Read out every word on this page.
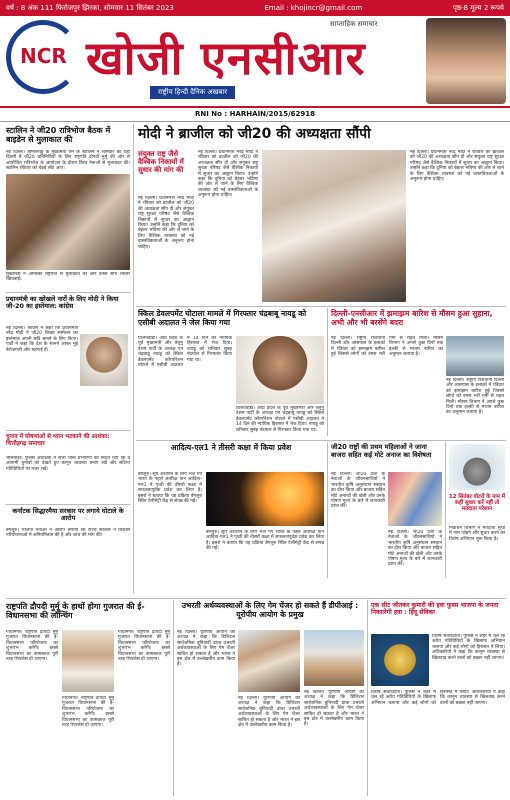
वर्ष : 8 अंक 111 फिरोजपुर झिरका, सोमवार 11 सितंबर 2023	Email : khojincr@gmail.com	पृष्ठ-8 मूल्य 2 रूपये
NCR खोजी एनसीआर
साप्ताहिक समाचार
राष्ट्रीय हिन्दी दैनिक अखबार
RNI No : HARHAIN/2015/62918
स्टालिन ने जी20 रात्रिभोज बैठक में बाइडेन से मुलाकात की
नई दिल्ली। तमिलनाडु के मुख्यमंत्री एम के स्टालिन ने शनिवार को यहां दिल्ली में जी20 प्रतिनिधियों के लिए राष्ट्रपति द्रौपदी मुर्मू की ओर से आयोजित रात्रिभोज के आयोजन के दौरान विश्व नेताओं से मुलाकात की। स्टालिन रविवार को चेन्नई लौट आए।
मुख्यमंत्री ने अमेरिकी राष्ट्रपति से मुलाकात की और उनके साथ तस्वीरें खिंचवाईं।
प्रधानमंत्री का खोखले नारों के लिए मोदी ने किया जी-20 का इस्तेमाल: कांग्रेस
नई दिल्ली। कांग्रेस ने कहा कि प्रधानमंत्री नरेंद्र मोदी ने जी20 शिखर सम्मेलन का इस्तेमाल अपनी छवि बनाने के लिए किया। पार्टी ने कहा कि देश के सामने असल मुद्दे बेरोजगारी और महंगाई हैं।
चुनाव में घोषणाओं से ध्यान भटकाने की आशंका: चित्तौड़गढ़ समाचार
भीलवाड़ा। पुलिस अधीक्षक ने सभी थाना प्रभारियों को निर्देश दिए कि वे आगामी चुनावों को देखते हुए कानून व्यवस्था बनाए रखें और संदिग्ध गतिविधियों पर नजर रखें।
कर्नाटक सिद्धारमैया सरकार पर लगाये घोटाले के आरोप
बेंगलुरु। भाजपा नेताओं ने आरोप लगाया कि राज्य सरकार ने विकास परियोजनाओं में अनियमितता की है और जांच की मांग की।
मोदी ने ब्राजील को जी20 की अध्यक्षता सौंपी
संयुक्त राष्ट्र जैसे वैश्विक निकायों में सुधार की मांग की
नई दिल्ली। प्रधानमंत्री नरेंद्र मोदी ने रविवार को ब्राजील को जी20 की अध्यक्षता सौंप दी और संयुक्त राष्ट्र सुरक्षा परिषद जैसे वैश्विक निकायों में सुधार का आह्वान किया। उन्होंने कहा कि दुनिया को बेहतर भविष्य की ओर ले जाने के लिए वैश्विक व्यवस्था को नई वास्तविकताओं के अनुरूप होना चाहिए।
नई दिल्ली। प्रधानमंत्री नरेंद्र मोदी ने रविवार को ब्राजील को जी20 की अध्यक्षता सौंप दी और संयुक्त राष्ट्र सुरक्षा परिषद जैसे वैश्विक निकायों में सुधार का आह्वान किया। उन्होंने कहा कि दुनिया को बेहतर भविष्य की ओर ले जाने के लिए वैश्विक व्यवस्था को नई वास्तविकताओं के अनुरूप होना चाहिए।
नई दिल्ली। प्रधानमंत्री नरेंद्र मोदी ने रविवार को ब्राजील को जी20 की अध्यक्षता सौंप दी और संयुक्त राष्ट्र सुरक्षा परिषद जैसे वैश्विक निकायों में सुधार का आह्वान किया। उन्होंने कहा कि दुनिया को बेहतर भविष्य की ओर ले जाने के लिए वैश्विक व्यवस्था को नई वास्तविकताओं के अनुरूप होना चाहिए।
स्किल डेवलपमेंट घोटाला मामले में गिरफ्तार चंद्रबाबू नायडू को एसीबी अदालत ने जेल किया गया
विजयवाड़ा। आंध्र प्रदेश के पूर्व मुख्यमंत्री और तेलुगु देशम पार्टी के अध्यक्ष एन चंद्रबाबू नायडू को स्किल डेवलपमेंट कॉरपोरेशन घोटाले में एसीबी अदालत ने 14 दिन की न्यायिक हिरासत में भेज दिया। नायडू को शनिवार सुबह नंदयाल से गिरफ्तार किया गया था।
विजयवाड़ा। आंध्र प्रदेश के पूर्व मुख्यमंत्री और तेलुगु देशम पार्टी के अध्यक्ष एन चंद्रबाबू नायडू को स्किल डेवलपमेंट कॉरपोरेशन घोटाले में एसीबी अदालत ने 14 दिन की न्यायिक हिरासत में भेज दिया। नायडू को शनिवार सुबह नंदयाल से गिरफ्तार किया गया था।
दिल्ली-एनसीआर में झमाझम बारिश से मौसम हुआ सुहाना, अभी और भी बरसेंगे बदरा
नई दिल्ली। राष्ट्रीय राजधानी दिल्ली और आसपास के इलाकों में रविवार को झमाझम बारिश हुई जिससे लोगों को उमस भरी गर्मी से राहत मिली। मौसम विभाग ने अगले कुछ दिनों तक हल्की से मध्यम बारिश का अनुमान जताया है।
नई दिल्ली। राष्ट्रीय राजधानी दिल्ली और आसपास के इलाकों में रविवार को झमाझम बारिश हुई जिससे लोगों को उमस भरी गर्मी से राहत मिली। मौसम विभाग ने अगले कुछ दिनों तक हल्की से मध्यम बारिश का अनुमान जताया है।
आदित्य-एल1 ने तीसरी कक्षा में किया प्रवेश
बेंगलुरु। सूर्य अध्ययन के लिए भेजे गए भारत के पहले अंतरिक्ष यान आदित्य-एल1 ने पृथ्वी की तीसरी कक्षा में सफलतापूर्वक प्रवेश कर लिया है। इसरो ने बताया कि यह प्रक्रिया बेंगलुरु स्थित टेलीमेट्री केंद्र से संपन्न की गई।
बेंगलुरु। सूर्य अध्ययन के लिए भेजे गए भारत के पहले अंतरिक्ष यान आदित्य-एल1 ने पृथ्वी की तीसरी कक्षा में सफलतापूर्वक प्रवेश कर लिया है। इसरो ने बताया कि यह प्रक्रिया बेंगलुरु स्थित टेलीमेट्री केंद्र से संपन्न की गई।
जी20 राष्ट्रों की प्रथम महिलाओं ने जाना बाजरा सहित कई मोटे अनाज का विशेषता
नई दिल्ली। जी20 देशों के नेताओं के जीवनसाथियों ने भारतीय कृषि अनुसंधान संस्थान का दौरा किया और बाजरा सहित मोटे अनाजों की खेती और उनके पोषण मूल्य के बारे में जानकारी प्राप्त की।
नई दिल्ली। जी20 देशों के नेताओं के जीवनसाथियों ने भारतीय कृषि अनुसंधान संस्थान का दौरा किया और बाजरा सहित मोटे अनाजों की खेती और उनके पोषण मूल्य के बारे में जानकारी प्राप्त की।
12 सितंबर वोटरों के नाम में कहीं सुधार करें नहीं तो मतदाता परेशान
निर्वाचन विभाग ने मतदाता सूची में नाम जोड़ने और सुधार करने का विशेष अभियान शुरू किया है।
राष्ट्रपति द्रौपदी मुर्मू के हाथों होगा गुजरात की ई-विधानसभा की लॉन्चिंग
गांधीनगर। राष्ट्रपति द्रौपदी मुर्मू गुजरात विधानसभा की ई-विधानसभा परियोजना का शुभारंभ करेंगी। इससे विधानसभा का कामकाज पूरी तरह पेपरलेस हो जाएगा।
गांधीनगर। राष्ट्रपति द्रौपदी मुर्मू गुजरात विधानसभा की ई-विधानसभा परियोजना का शुभारंभ करेंगी। इससे विधानसभा का कामकाज पूरी तरह पेपरलेस हो जाएगा।
गांधीनगर। राष्ट्रपति द्रौपदी मुर्मू गुजरात विधानसभा की ई-विधानसभा परियोजना का शुभारंभ करेंगी। इससे विधानसभा का कामकाज पूरी तरह पेपरलेस हो जाएगा।
उभरती अर्थव्यवस्थाओं के लिए गेम चेंजर हो सकते हैं डीपीआई : यूरोपीय आयोग के प्रमुख
नई दिल्ली। यूरोपीय आयोग की अध्यक्ष ने कहा कि डिजिटल सार्वजनिक बुनियादी ढांचा उभरती अर्थव्यवस्थाओं के लिए गेम चेंजर साबित हो सकता है और भारत ने इस क्षेत्र में उल्लेखनीय काम किया है।
नई दिल्ली। यूरोपीय आयोग की अध्यक्ष ने कहा कि डिजिटल सार्वजनिक बुनियादी ढांचा उभरती अर्थव्यवस्थाओं के लिए गेम चेंजर साबित हो सकता है और भारत ने इस क्षेत्र में उल्लेखनीय काम किया है।
नई दिल्ली। यूरोपीय आयोग की अध्यक्ष ने कहा कि डिजिटल सार्वजनिक बुनियादी ढांचा उभरती अर्थव्यवस्थाओं के लिए गेम चेंजर साबित हो सकता है और भारत ने इस क्षेत्र में उल्लेखनीय काम किया है।
एक सीट जीतकर कुमारी की हवा फुस्स भाजपा के जनता निकालेगी हवा : हिंदू सेविका
विशेष संवाददाता। पुलिस ने शहर में चल रहे अवैध गतिविधियों के खिलाफ अभियान चलाया और कई लोगों को हिरासत में लिया। अधिकारियों ने कहा कि कानून व्यवस्था से खिलवाड़ करने वालों को बख्शा नहीं जाएगा।
विशेष संवाददाता। पुलिस ने शहर में चल रहे अवैध गतिविधियों के खिलाफ अभियान चलाया और कई लोगों को हिरासत में लिया। अधिकारियों ने कहा कि कानून व्यवस्था से खिलवाड़ करने वालों को बख्शा नहीं जाएगा।
